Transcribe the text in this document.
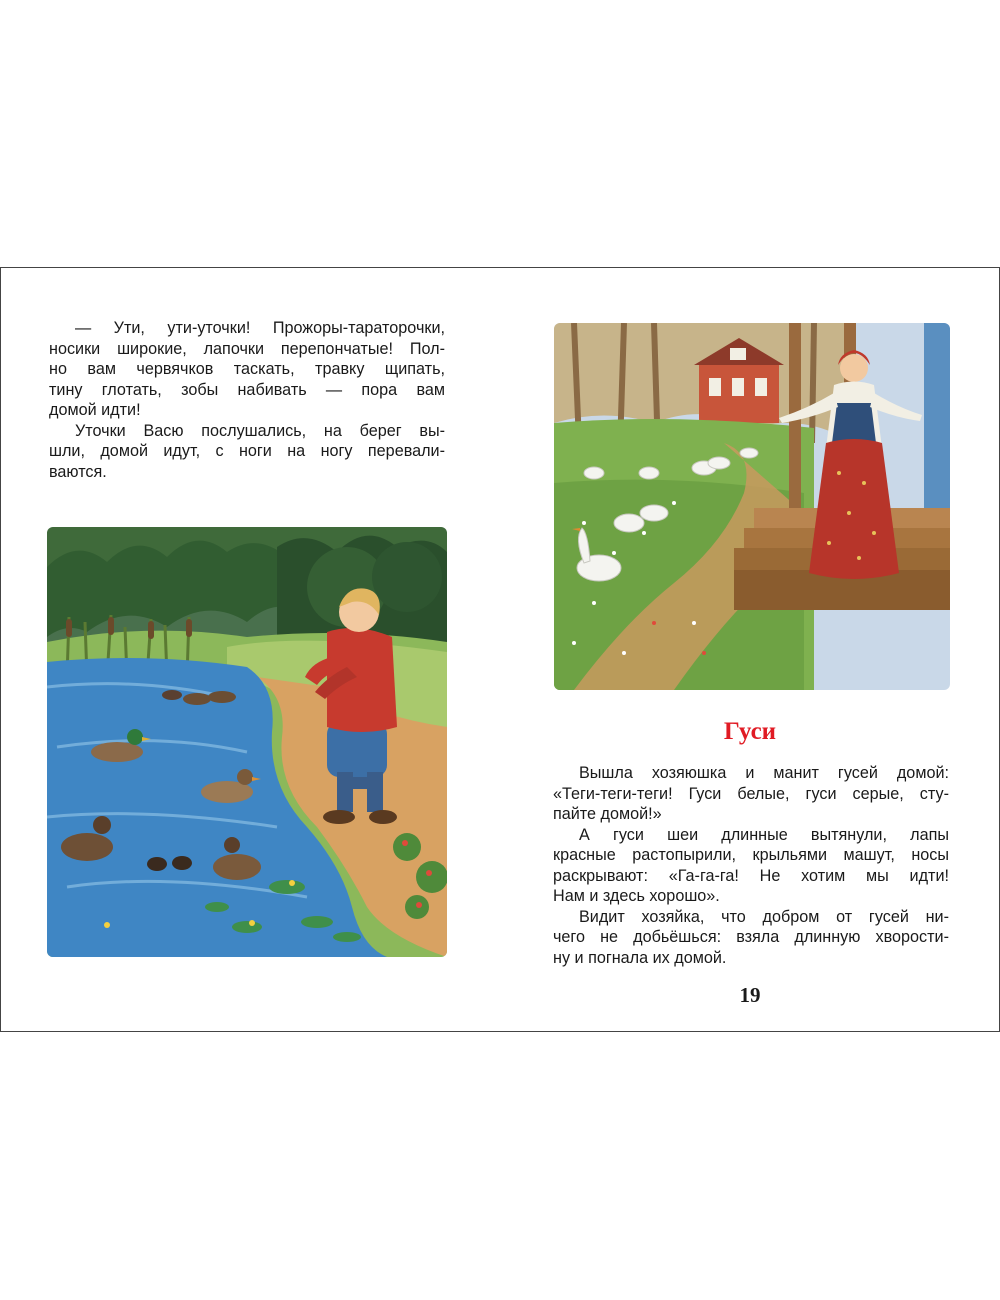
— Ути, ути-уточки! Прожоры-тараторочки,
носики широкие, лапочки перепончатые! Пол-
но вам червячков таскать, травку щипать,
тину глотать, зобы набивать — пора вам
домой идти!

Уточки Васю послушались, на берег вы-
шли, домой идут, с ноги на ногу перевали-
ваются.

Гуси

Вышла хозяюшка и манит гусей домой:
«Теги-теги-теги! Гуси белые, гуси серые, сту-
пайте домой!»

А гуси шеи длинные вытянули, лапы
красные растопырили, крыльями машут, носы
раскрывают: «Га-га-га! Не хотим мы идти!
Нам и здесь хорошо».

Видит хозяйка, что добром от гусей ни-
чего не добьёшься: взяла длинную хворости-
ну и погнала их домой.

19
